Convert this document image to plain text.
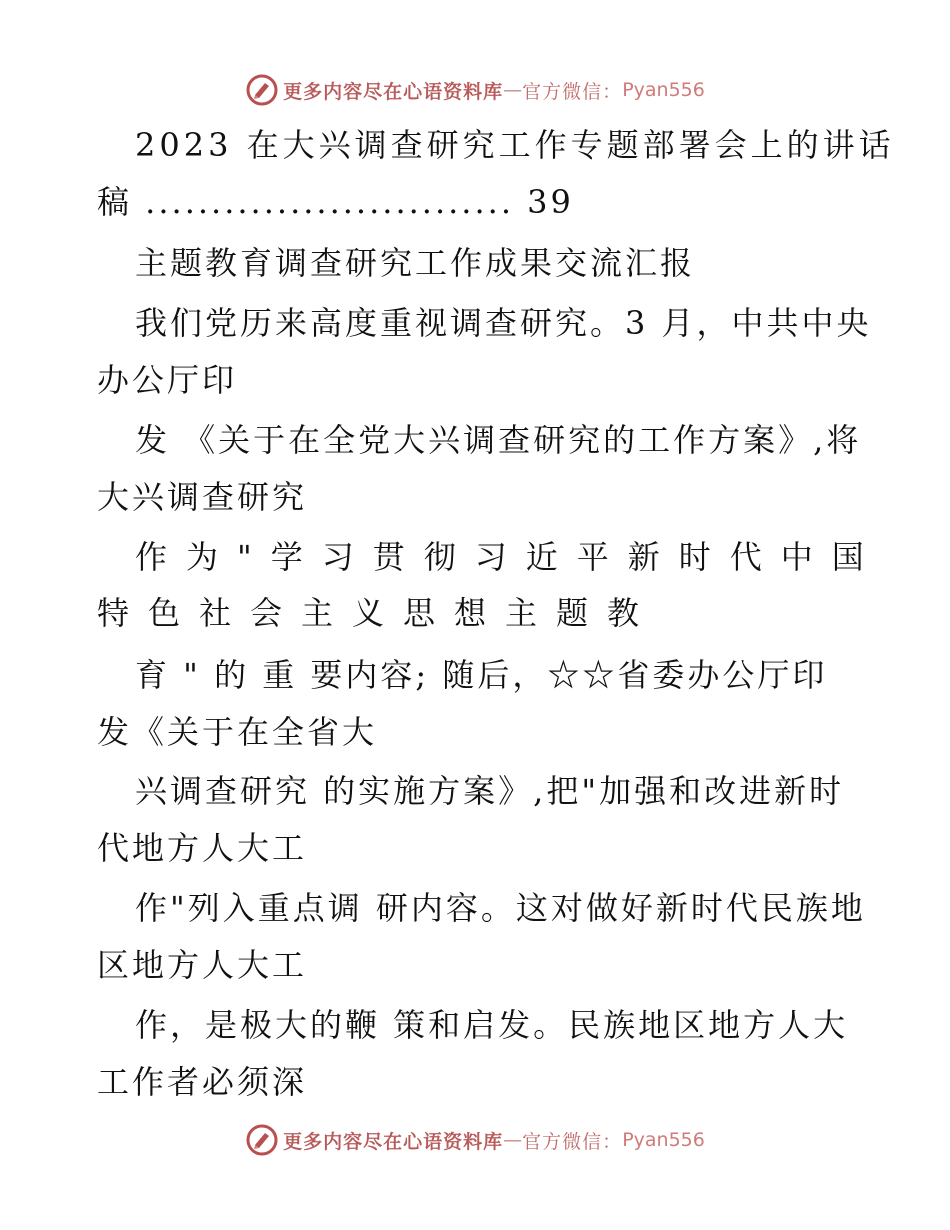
更多内容尽在心语资料库 — 官方微信： Pyan556
2023 在大兴调查研究工作专题部署会上的讲话
稿 ............................ 39
主题教育调查研究工作成果交流汇报
我们党历来高度重视调查研究。3 月，中共中央
办公厅印
发 《关于在全党大兴调查研究的工作方案》,将
大兴调查研究
作为"学习贯彻习近平新时代中国
特色社会主义思想主题教
育 " 的 重 要内容; 随后，☆☆省委办公厅印
发《关于在全省大
兴调查研究 的实施方案》,把"加强和改进新时
代地方人大工
作"列入重点调 研内容。这对做好新时代民族地
区地方人大工
作，是极大的鞭 策和启发。民族地区地方人大
工作者必须深
更多内容尽在心语资料库 — 官方微信： Pyan556
